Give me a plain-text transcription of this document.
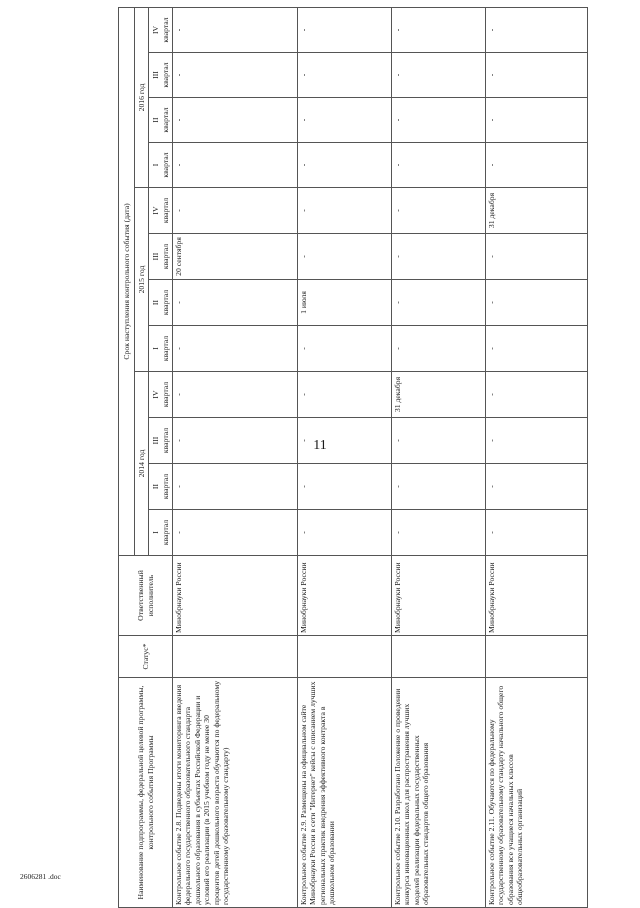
11
Наименование подпрограммы, федеральной целевой программы, контрольного события Программы	Статус*	Ответственный исполнитель	Срок наступления контрольного события (дата)											
			2014 год				2015 год				2016 год			

			I квартал	II квартал	III квартал	IV квартал	I квартал	II квартал	III квартал	IV квартал	I квартал	II квартал	III квартал	IV квартал

Контрольное событие 2.8. Подведены итоги мониторинга введения федерального государственного образовательного стандарта дошкольного образования в субъектах Российской Федерации и условий его реализации (в 2015 учебном году не менее 30 процентов детей дошкольного возраста обучаются по федеральному государственному образовательному стандарту)		Минобрнауки России	-	-	-	-	-	-	20 сентября	-	-	-	-	-
Контрольное событие 2.9. Размещены на официальном сайте Минобрнауки России в сети "Интернет" кейсы с описанием лучших региональных практик внедрения эффективного контракта в дошкольном образовании		Минобрнауки России	-	-	-	-	-	1 июля	-	-	-	-	-	-
Контрольное событие 2.10. Разработано Положение о проведении конкурса инновационных школ для распространения лучших моделей реализации федеральных государственных образовательных стандартов общего образования		Минобрнауки России	-	-	-	31 декабря	-	-	-	-	-	-	-	-
Контрольное событие 2.11. Обучаются по федеральному государственному образовательному стандарту начального общего образования все учащиеся начальных классов общеобразовательных организаций		Минобрнауки России	-	-	-	-	-	-	-	31 декабря	-	-	-	-
2606281 .doc
